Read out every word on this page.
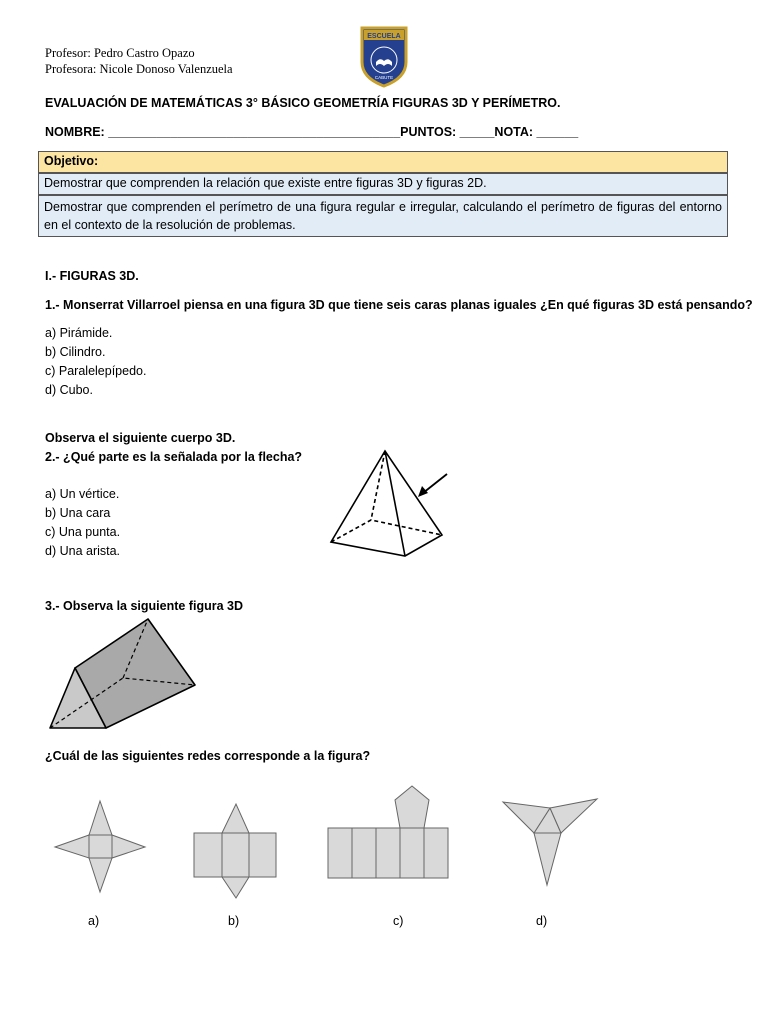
Profesor: Pedro Castro Opazo
Profesora: Nicole Donoso Valenzuela
ESCUELA
CABUTE
EVALUACIÓN DE MATEMÁTICAS 3° BÁSICO GEOMETRÍA FIGURAS 3D Y PERÍMETRO.
NOMBRE: __________________________________________PUNTOS: _____NOTA: ______
Objetivo:
Demostrar que comprenden la relación que existe entre figuras 3D y figuras 2D.
Demostrar que comprenden el perímetro de una figura regular e irregular, calculando el perímetro de figuras del entorno en el contexto de la resolución de problemas.
I.- FIGURAS 3D.
1.- Monserrat Villarroel piensa en una figura 3D que tiene seis caras planas iguales ¿En qué figuras 3D está pensando?
a) Pirámide.
b) Cilindro.
c) Paralelepípedo.
d) Cubo.
Observa el siguiente cuerpo 3D.
2.- ¿Qué parte es la señalada por la flecha?
a) Un vértice.
b) Una cara
c) Una punta.
d) Una arista.
3.- Observa la siguiente figura 3D
¿Cuál de las siguientes redes corresponde a la figura?
a)	b)	c)	d)
